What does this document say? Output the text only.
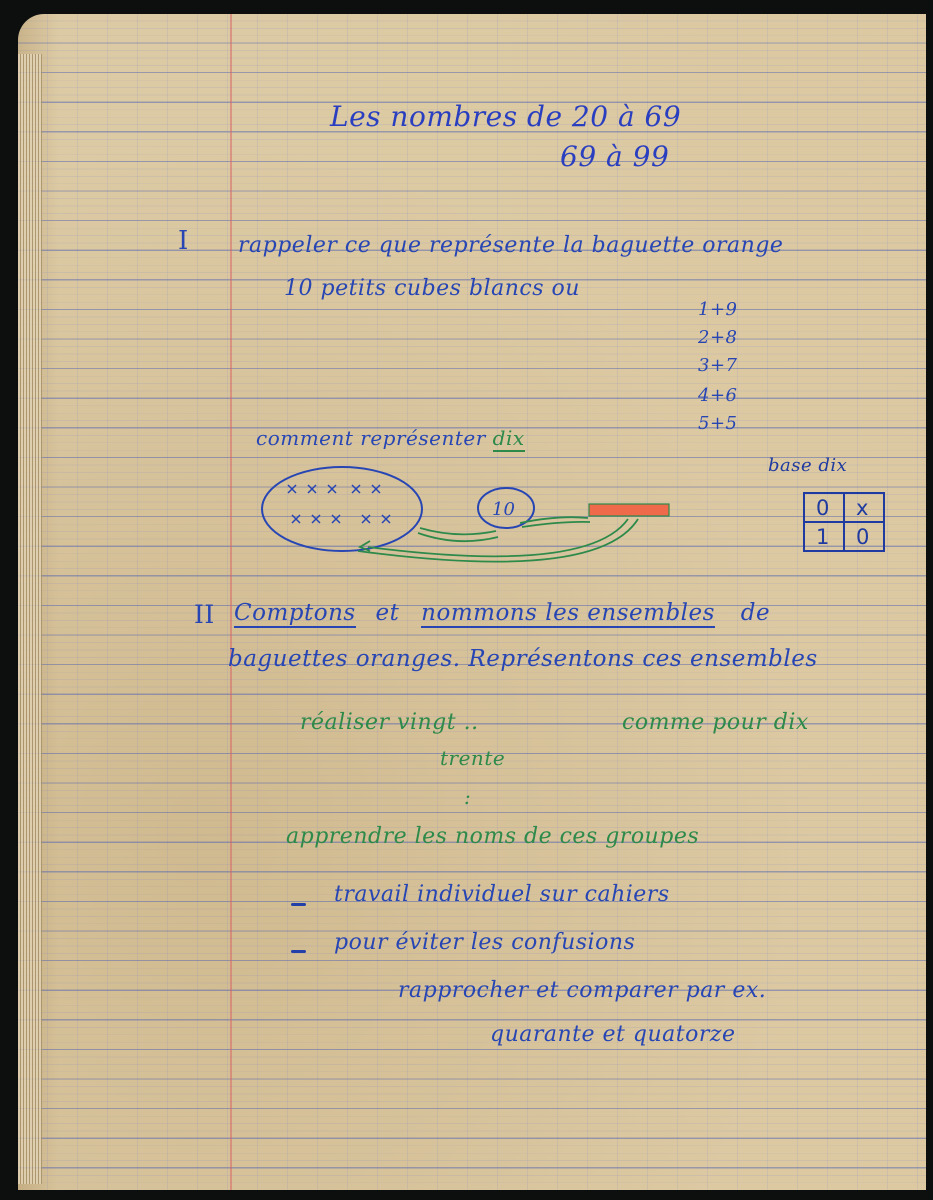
Les nombres de 20 à 69

69 à 99

I rappeler ce que représente la baguette orange

10 petits cubes blancs ou

1+9

2+8

3+7

4+6

5+5

comment représenter dix

base dix

10	0 x
1 0

II Comptons et nommons les ensembles de

baguettes oranges. Représentons ces ensembles

réaliser vingt ..	comme pour dix

trente

:

apprendre les noms de ces groupes

travail individuel sur cahiers

pour éviter les confusions

rapprocher et comparer par ex.

quarante et quatorze
